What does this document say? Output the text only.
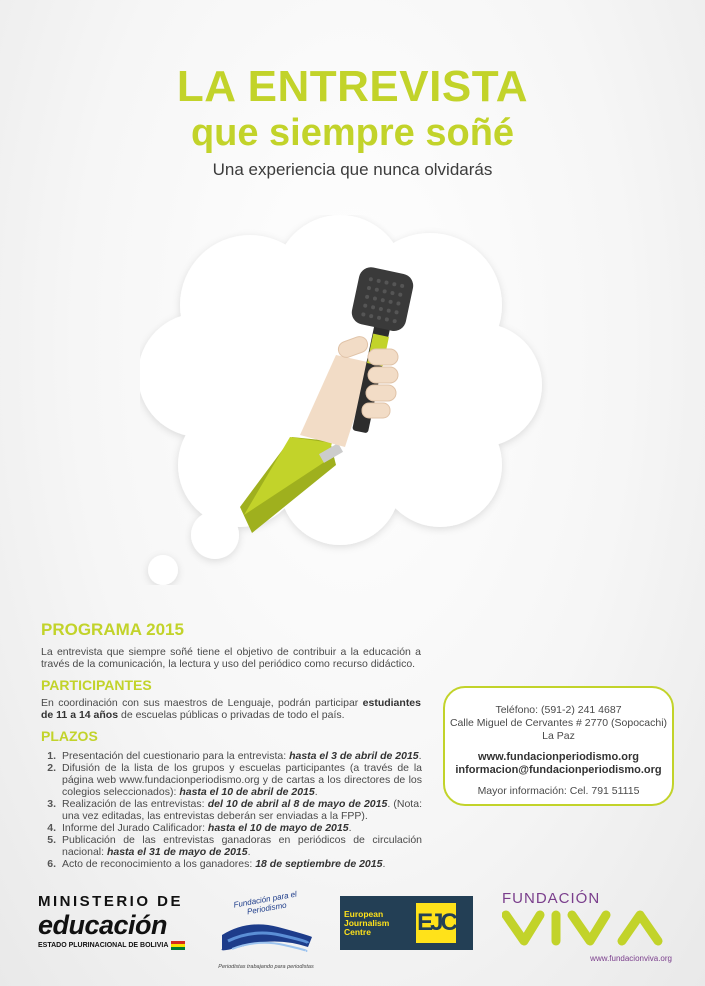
LA ENTREVISTA
que siempre soñé
Una experiencia que nunca olvidarás
PROGRAMA 2015
La entrevista que siempre soñé tiene el objetivo de contribuir a la educación a través de la comunicación, la lectura y uso del periódico como recurso didáctico.
PARTICIPANTES
En coordinación con sus maestros de Lenguaje, podrán participar estudiantes de 11 a 14 años de escuelas públicas o privadas de todo el país.
PLAZOS
1. Presentación del cuestionario para la entrevista: hasta el 3 de abril de 2015.
2. Difusión de la lista de los grupos y escuelas participantes (a través de la página web www.fundacionperiodismo.org y de cartas a los directores de los colegios seleccionados): hasta el 10 de abril de 2015.
3. Realización de las entrevistas: del 10 de abril al 8 de mayo de 2015. (Nota: una vez editadas, las entrevistas deberán ser enviadas a la FPP).
4. Informe del Jurado Calificador: hasta el 10 de mayo de 2015.
5. Publicación de las entrevistas ganadoras en periódicos de circulación nacional: hasta el 31 de mayo de 2015.
6. Acto de reconocimiento a los ganadores: 18 de septiembre de 2015.
Teléfono: (591-2) 241 4687
Calle Miguel de Cervantes # 2770 (Sopocachi)
La Paz
www.fundacionperiodismo.org
informacion@fundacionperiodismo.org
Mayor información: Cel. 791 51115
MINISTERIO DE
educación
ESTADO PLURINACIONAL DE BOLIVIA
Fundación para el Periodismo
Periodistas trabajando para periodistas
European Journalism Centre	EJC
FUNDACIÓN
VIVA
www.fundacionviva.org
